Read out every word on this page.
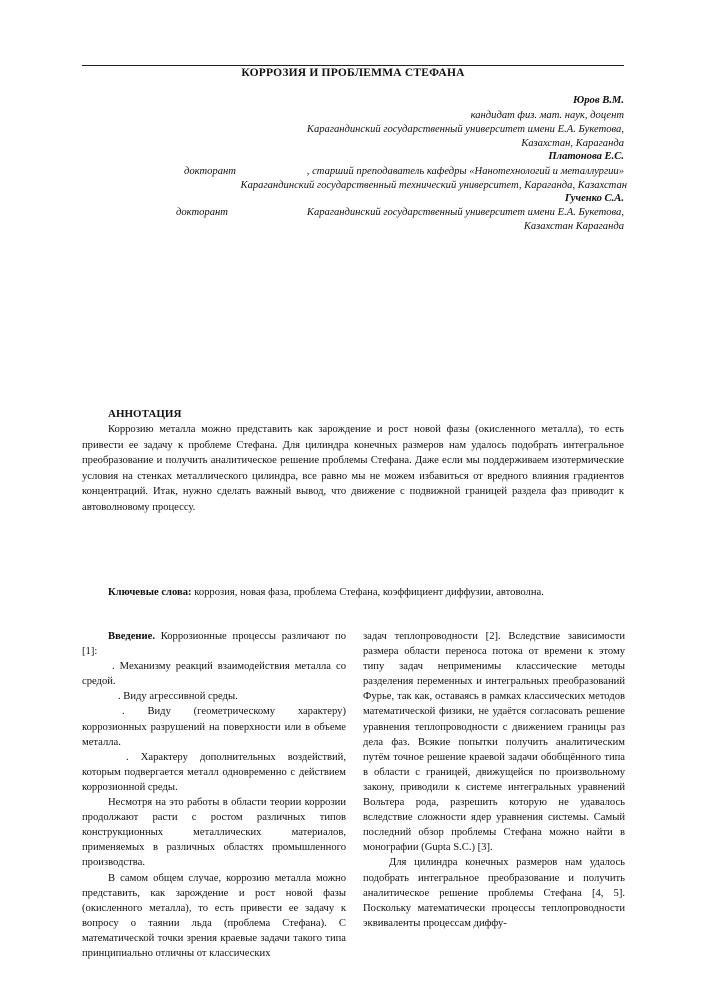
КОРРОЗИЯ И ПРОБЛЕММА СТЕФАНА
Юров В.М.
кандидат физ. мат. наук, доцент
Карагандинский государственный университет имени Е.А. Букетова,
Казахстан, Караганда
Платонова Е.С.
докторант	, старший преподаватель кафедры «Нанотехнологий и металлургии»
Карагандинский государственный технический университет, Караганда, Казахстан
Гученко С.А.
докторант	Карагандинский государственный университет имени Е.А. Букетова,
Казахстан Караганда
АННОТАЦИЯ

Коррозию металла можно представить как зарождение и рост новой фазы (окисленного металла), то есть привести ее задачу к проблеме Стефана. Для цилиндра конечных размеров нам удалось подобрать интегральное преобразование и получить аналитическое решение проблемы Стефана. Даже если мы поддерживаем изотермические условия на стенках металлического цилиндра, все равно мы не можем избавиться от вредного влияния градиентов концентраций. Итак, нужно сделать важный вывод, что движение с подвижной границей раздела фаз приводит к автоволновому процессу.

Ключевые слова: коррозия, новая фаза, проблема Стефана, коэффициент диффузии, автоволна.

Введение. Коррозионные процессы различают по [1]:

. Механизму реакций взаимодействия металла со средой.

. Виду агрессивной среды.

. Виду (геометрическому характеру) коррозионных разрушений на поверхности или в объеме металла.

. Характеру дополнительных воздействий, которым подвергается металл одновременно с действием коррозионной среды.

Несмотря на это работы в области теории коррозии продолжают расти с ростом различных типов конструкционных металлических материалов, применяемых в различных областях промышленного производства.

В самом общем случае, коррозию металла можно представить, как зарождение и рост новой фазы (окисленного металла), то есть привести ее задачу к вопросу о таянии льда (проблема Стефана). С математической точки зрения краевые задачи такого типа принципиально отличны от классических

задач теплопроводности [2]. Вследствие зависимости размера области переноса потока от времени к этому типу задач неприменимы классические методы разделения переменных и интегральных преобразований Фурье, так как, оставаясь в рамках классических методов математической физики, не удаётся согласовать решение уравнения теплопроводности с движением границы раз дела фаз. Всякие попытки получить аналитическим путём точное решение краевой задачи обобщённого типа в области с границей, движущейся по произвольному закону, приводили к системе интегральных уравнений Вольтера рода, разрешить которую не удавалось вследствие сложности ядер уравнения системы. Самый последний обзор проблемы Стефана можно найти в монографии (Gupta S.C.) [3].

Для цилиндра конечных размеров нам удалось подобрать интегральное преобразование и получить аналитическое решение проблемы Стефана [4, 5]. Поскольку математически процессы теплопроводности эквиваленты процессам диффу-
